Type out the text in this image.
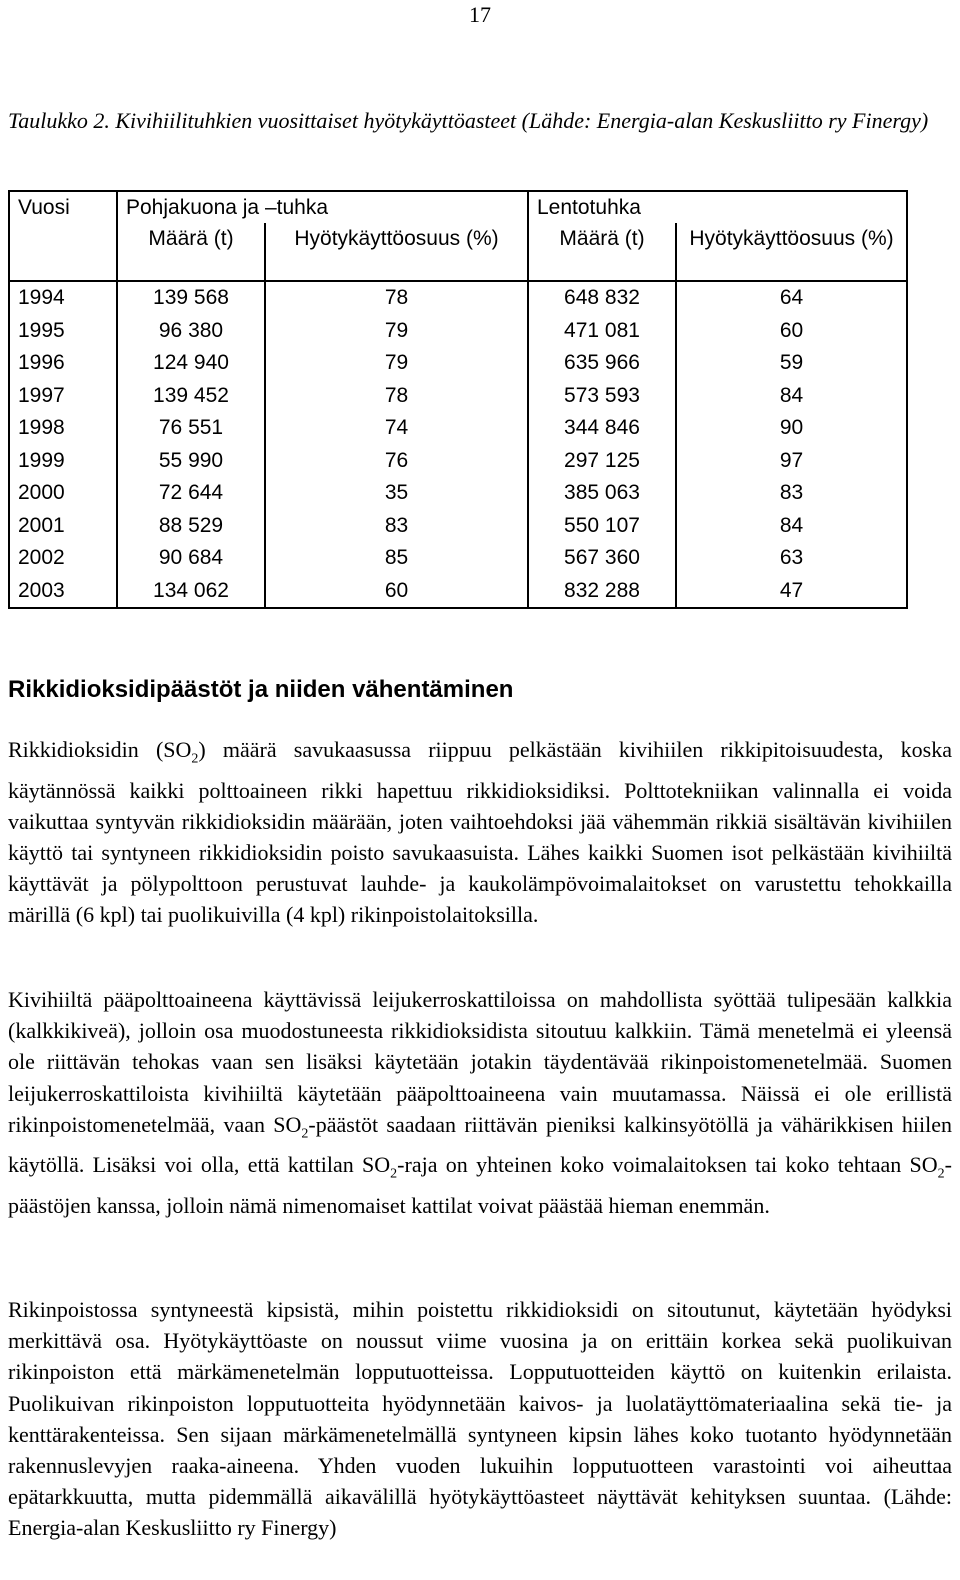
17
Taulukko 2. Kivihiilituhkien vuosittaiset hyötykäyttöasteet (Lähde: Energia-alan Keskusliitto ry Finergy)
Vuosi	Pohjakuona ja –tuhka		Lentotuhka	
	Määrä (t)	Hyötykäyttöosuus (%)	Määrä (t)	Hyötykäyttöosuus (%)

1994	139 568	78	648 832	64
1995	96 380	79	471 081	60
1996	124 940	79	635 966	59
1997	139 452	78	573 593	84
1998	76 551	74	344 846	90
1999	55 990	76	297 125	97
2000	72 644	35	385 063	83
2001	88 529	83	550 107	84
2002	90 684	85	567 360	63
2003	134 062	60	832 288	47
Rikkidioksidipäästöt ja niiden vähentäminen
Rikkidioksidin $(SO_2)$ määrä savukaasussa riippuu pelkästään kivihiilen rikkipitoisuudesta, koska käytännössä kaikki polttoaineen rikki hapettuu rikkidioksidiksi. Polttotekniikan valinnalla ei voida vaikuttaa syntyvän rikkidioksidin määrään, joten vaihtoehdoksi jää vähemmän rikkiä sisältävän kivihiilen käyttö tai syntyneen rikkidioksidin poisto savukaasuista. Lähes kaikki Suomen isot pelkästään kivihiiltä käyttävät ja pölypolttoon perustuvat lauhde- ja kaukolämpövoimalaitokset on varustettu tehokkailla märillä (6 kpl) tai puolikuivilla (4 kpl) rikinpoistolaitoksilla.
Kivihiiltä pääpolttoaineena käyttävissä leijukerroskattiloissa on mahdollista syöttää tulipesään kalkkia (kalkkikiveä), jolloin osa muodostuneesta rikkidioksidista sitoutuu kalkkiin. Tämä menetelmä ei yleensä ole riittävän tehokas vaan sen lisäksi käytetään jotakin täydentävää rikinpoistomenetelmää. Suomen leijukerroskattiloista kivihiiltä käytetään pääpolttoaineena vain muutamassa. Näissä ei ole erillistä rikinpoistomenetelmää, vaan $SO_2$-päästöt saadaan riittävän pieniksi kalkinsyötöllä ja vähärikkisen hiilen käytöllä. Lisäksi voi olla, että kattilan $SO_2$-raja on yhteinen koko voimalaitoksen tai koko tehtaan $SO_2$-päästöjen kanssa, jolloin nämä nimenomaiset kattilat voivat päästää hieman enemmän.
Rikinpoistossa syntyneestä kipsistä, mihin poistettu rikkidioksidi on sitoutunut, käytetään hyödyksi merkittävä osa. Hyötykäyttöaste on noussut viime vuosina ja on erittäin korkea sekä puolikuivan rikinpoiston että märkämenetelmän lopputuotteissa. Lopputuotteiden käyttö on kuitenkin erilaista. Puolikuivan rikinpoiston lopputuotteita hyödynnetään kaivos- ja luolatäyttömateriaalina sekä tie- ja kenttärakenteissa. Sen sijaan märkämenetelmällä syntyneen kipsin lähes koko tuotanto hyödynnetään rakennuslevyjen raaka-aineena. Yhden vuoden lukuihin lopputuotteen varastointi voi aiheuttaa epätarkkuutta, mutta pidemmällä aikavälillä hyötykäyttöasteet näyttävät kehityksen suuntaa. (Lähde: Energia-alan Keskusliitto ry Finergy)
